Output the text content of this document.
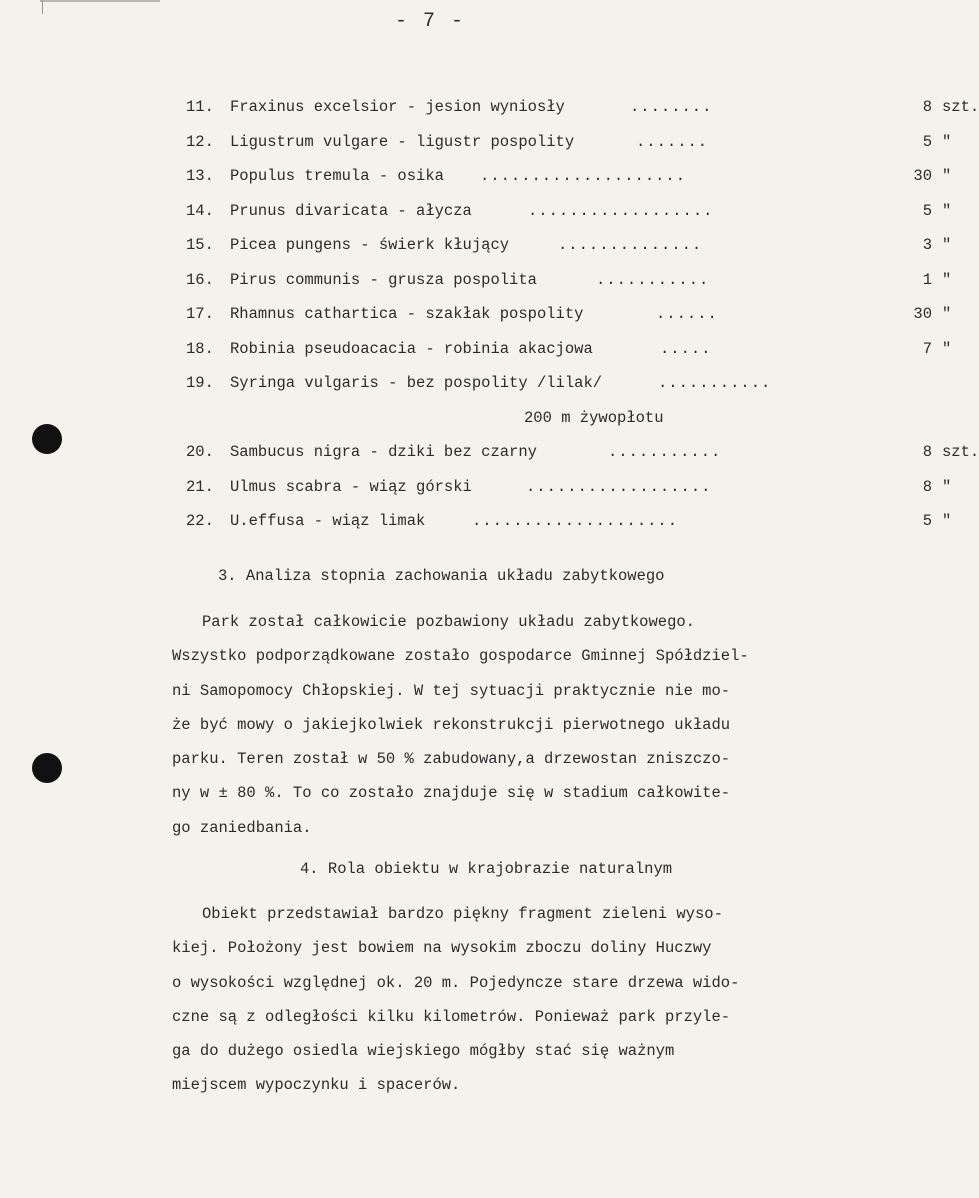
- 7 -
11. Fraxinus excelsior - jesion wyniosły	........	8 szt.
12. Ligustrum vulgare - ligustr pospolity	.......	5 "
13. Populus tremula - osika ....................	30 "
14. Prunus divaricata - ałycza	..................	5 "
15. Picea pungens - świerk kłujący	..............	3 "
16. Pirus communis - grusza pospolita	...........	1 "
17. Rhamnus cathartica - szakłak pospolity	......	30 "
18. Robinia pseudoacacia - robinia akacjowa	.....	7 "
19. Syringa vulgaris - bez pospolity /lilak/	...........
200 m żywopłotu
20. Sambucus nigra - dziki bez czarny	...........	8 szt.
21. Ulmus scabra - wiąz górski	..................	8 "
22. U.effusa - wiąz limak	....................	5 "
3. Analiza stopnia zachowania układu zabytkowego
Park został całkowicie pozbawiony układu zabytkowego.
Wszystko podporządkowane zostało gospodarce Gminnej Spółdziel-
ni Samopomocy Chłopskiej. W tej sytuacji praktycznie nie mo-
że być mowy o jakiejkolwiek rekonstrukcji pierwotnego układu
parku. Teren został w 50 % zabudowany,a drzewostan zniszczo-
ny w ± 80 %. To co zostało znajduje się w stadium całkowite-
go zaniedbania.
4. Rola obiektu w krajobrazie naturalnym
Obiekt przedstawiał bardzo piękny fragment zieleni wyso-
kiej. Położony jest bowiem na wysokim zboczu doliny Huczwy
o wysokości względnej ok. 20 m. Pojedyncze stare drzewa wido-
czne są z odległości kilku kilometrów. Ponieważ park przyle-
ga do dużego osiedla wiejskiego mógłby stać się ważnym
miejscem wypoczynku i spacerów.
